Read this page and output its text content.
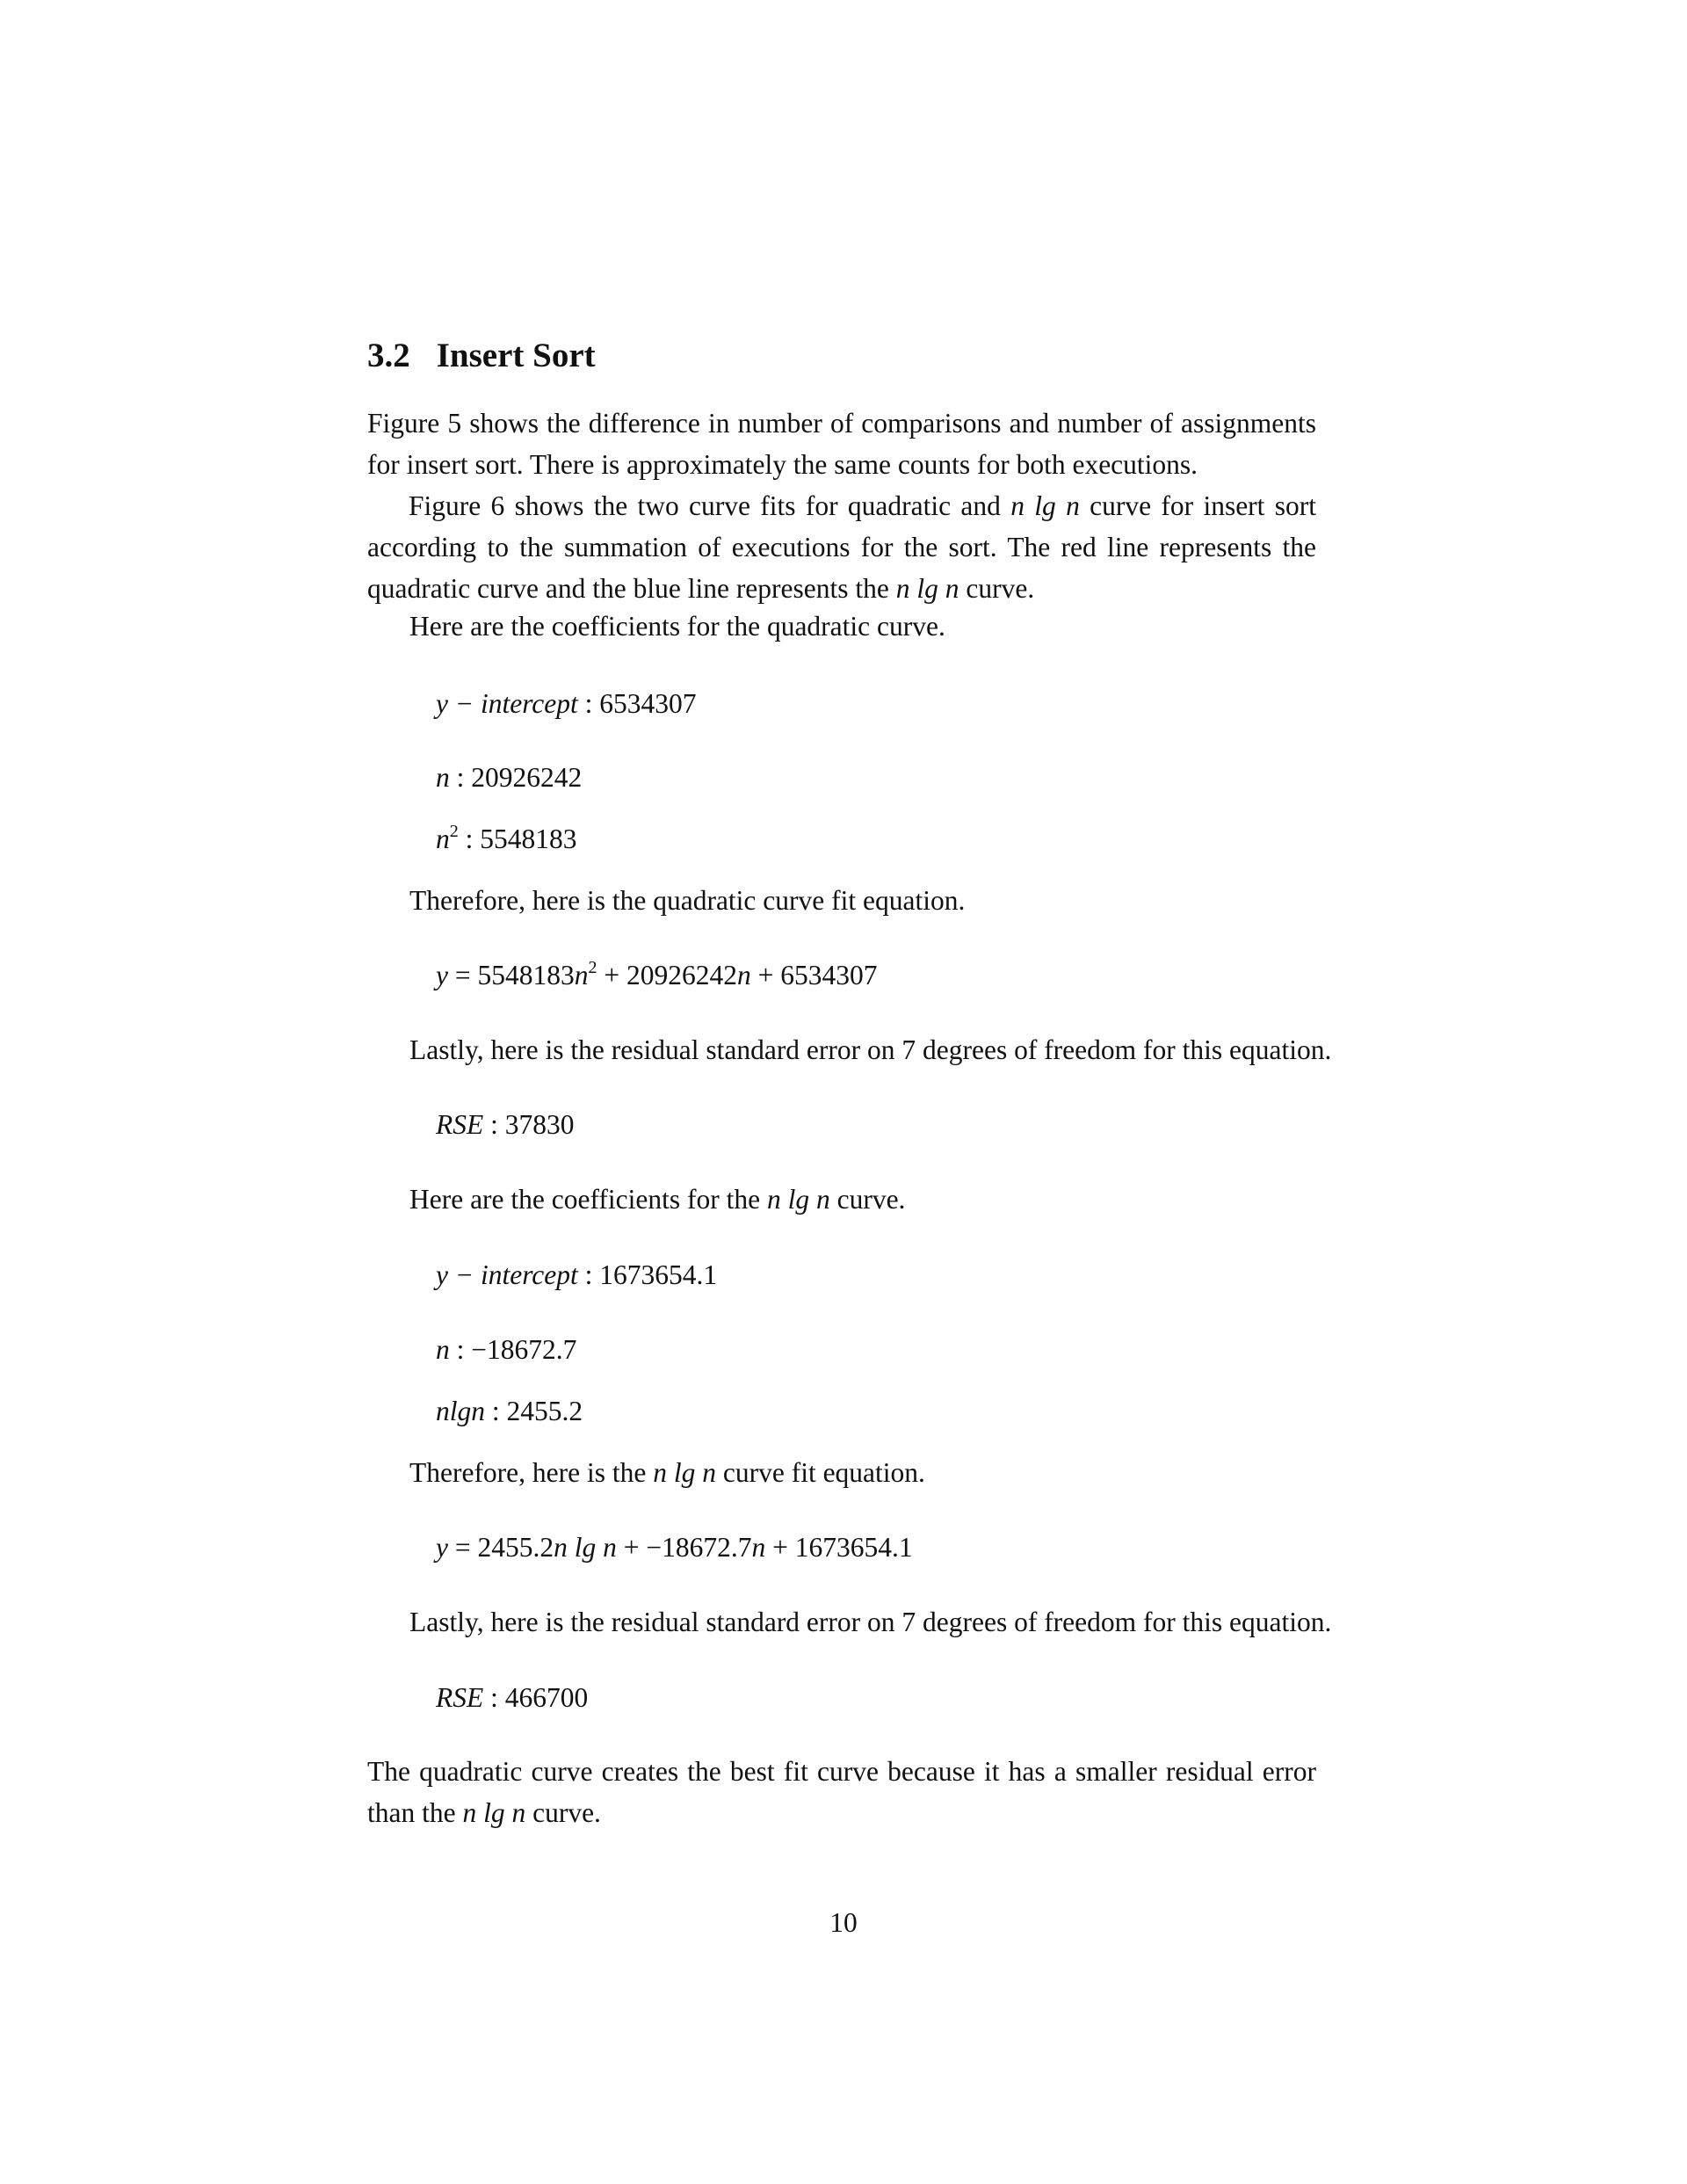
3.2 Insert Sort

Figure 5 shows the difference in number of comparisons and number of assignments for insert sort. There is approximately the same counts for both executions.

Figure 6 shows the two curve fits for quadratic and n lg n curve for insert sort according to the summation of executions for the sort. The red line represents the quadratic curve and the blue line represents the n lg n curve.

Here are the coefficients for the quadratic curve.
y − intercept : 6534307
n : 20926242
$n^2$ : 5548183
Therefore, here is the quadratic curve fit equation.
$y = 5548183n^2 + 20926242n + 6534307$
Lastly, here is the residual standard error on 7 degrees of freedom for this equation.
RSE : 37830
Here are the coefficients for the n lg n curve.
y − intercept : 1673654.1
n : −18672.7
nlgn : 2455.2
Therefore, here is the n lg n curve fit equation.
y = 2455.2n lg n + −18672.7n + 1673654.1
Lastly, here is the residual standard error on 7 degrees of freedom for this equation.
RSE : 466700

The quadratic curve creates the best fit curve because it has a smaller residual error than the n lg n curve.

10
